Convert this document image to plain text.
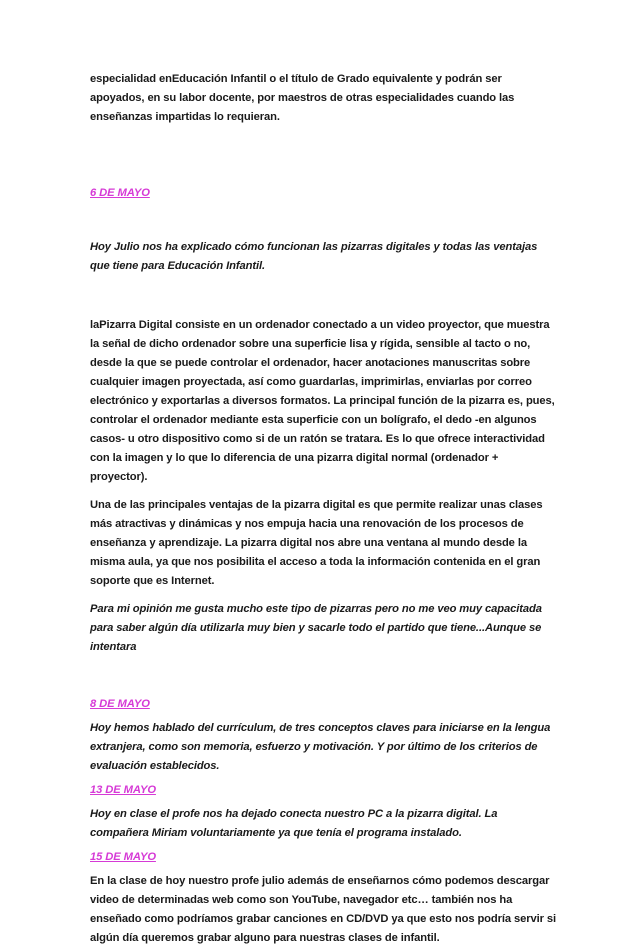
especialidad enEducación Infantil o el título de Grado equivalente y podrán ser apoyados, en su labor docente, por maestros de otras especialidades cuando las enseñanzas impartidas lo requieran.

6 DE MAYO

Hoy Julio nos ha explicado cómo funcionan las pizarras digitales y todas las ventajas que tiene para Educación Infantil.

laPizarra Digital consiste en un ordenador conectado a un video proyector, que muestra la señal de dicho ordenador sobre una superficie lisa y rígida, sensible al tacto o no, desde la que se puede controlar el ordenador, hacer anotaciones manuscritas sobre cualquier imagen proyectada, así como guardarlas, imprimirlas, enviarlas por correo electrónico y exportarlas a diversos formatos. La principal función de la pizarra es, pues, controlar el ordenador mediante esta superficie con un bolígrafo, el dedo -en algunos casos- u otro dispositivo como si de un ratón se tratara. Es lo que ofrece interactividad con la imagen y lo que lo diferencia de una pizarra digital normal (ordenador + proyector).

Una de las principales ventajas de la pizarra digital es que permite realizar unas clases más atractivas y dinámicas y nos empuja hacia una renovación de los procesos de enseñanza y aprendizaje. La pizarra digital nos abre una ventana al mundo desde la misma aula, ya que nos posibilita el acceso a toda la información contenida en el gran soporte que es Internet.

Para mi opinión me gusta mucho este tipo de pizarras pero no me veo muy capacitada para saber algún día utilizarla muy bien y sacarle todo el partido que tiene...Aunque se intentara

8 DE MAYO

Hoy hemos hablado del currículum, de tres conceptos claves para iniciarse en la lengua extranjera, como son memoria, esfuerzo y motivación. Y por último de los criterios de evaluación establecidos.

13 DE MAYO

Hoy en clase el profe nos ha dejado conecta nuestro PC a la pizarra digital. La compañera Miriam voluntariamente ya que tenía el programa instalado.

15 DE MAYO

En la clase de hoy nuestro profe julio además de enseñarnos cómo podemos descargar video de determinadas web como son YouTube, navegador etc… también nos ha enseñado como podríamos grabar canciones en CD/DVD ya que esto nos podría servir si algún día queremos grabar alguno para nuestras clases de infantil.
